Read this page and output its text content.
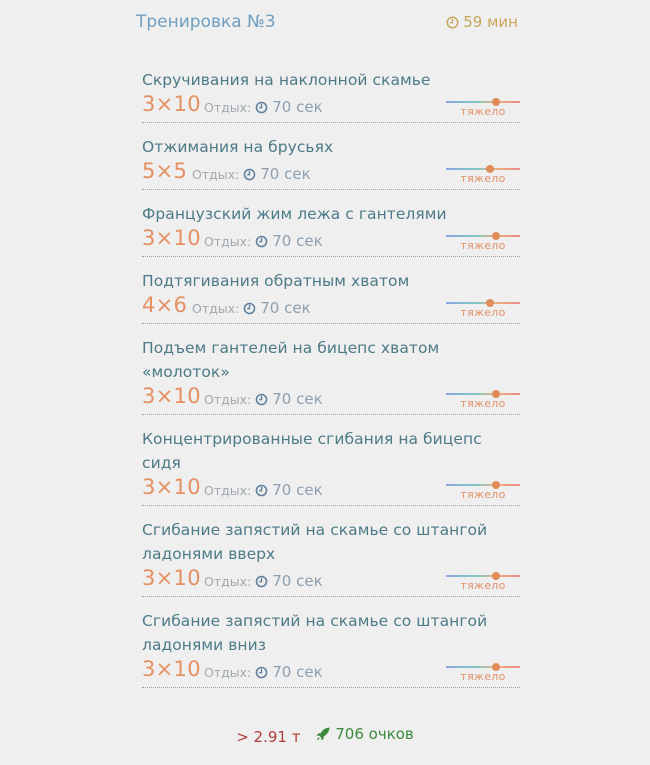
Тренировка №3	59 мин
Скручивания на наклонной скамье
3×10 Отдых: 70 сек	тяжело
Отжимания на брусьях
5×5 Отдых: 70 сек	тяжело
Французский жим лежа с гантелями
3×10 Отдых: 70 сек	тяжело
Подтягивания обратным хватом
4×6 Отдых: 70 сек	тяжело
Подъем гантелей на бицепс хватом «молоток»
3×10 Отдых: 70 сек	тяжело
Концентрированные сгибания на бицепс сидя
3×10 Отдых: 70 сек	тяжело
Сгибание запястий на скамье со штангой ладонями вверх
3×10 Отдых: 70 сек	тяжело
Сгибание запястий на скамье со штангой ладонями вниз
3×10 Отдых: 70 сек	тяжело
> 2.91 т 706 очков
